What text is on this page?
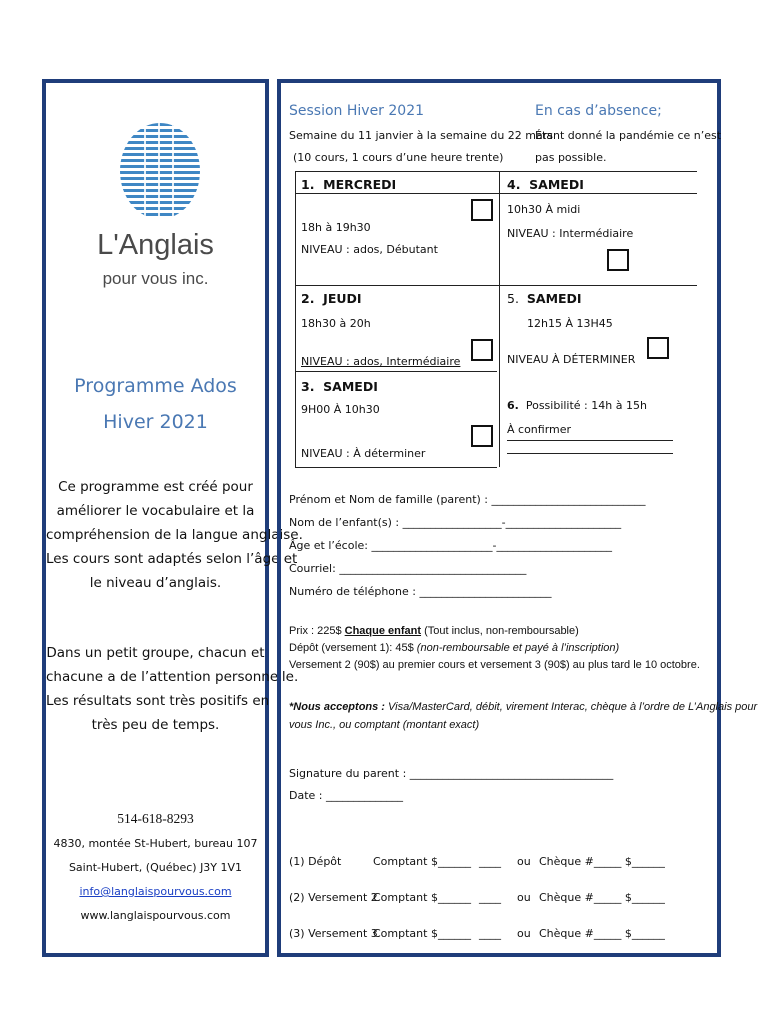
L'Anglais
pour vous inc.
Programme Ados
Hiver 2021
Ce programme est créé pour
améliorer le vocabulaire et la
compréhension de la langue anglaise.
Les cours sont adaptés selon l’âge et
le niveau d’anglais.
Dans un petit groupe, chacun et
chacune a de l’attention personnelle.
Les résultats sont très positifs en
très peu de temps.
514-618-8293
4830, montée St-Hubert, bureau 107
Saint-Hubert, (Québec) J3Y 1V1
info@langlaispourvous.com
www.langlaispourvous.com
Session Hiver 2021
Semaine du 11 janvier à la semaine du 22 mars
(10 cours, 1 cours d’une heure trente)
En cas d’absence;
Étant donné la pandémie ce n’est
pas possible.
1. MERCREDI
18h à 19h30
NIVEAU : ados, Débutant
4. SAMEDI
10h30 À midi
NIVEAU : Intermédiaire
2. JEUDI
18h30 à 20h
NIVEAU : ados, Intermédiaire
5. SAMEDI
12h15 À 13H45
NIVEAU À DÉTERMINER
3. SAMEDI
9H00 À 10h30
NIVEAU : À déterminer
6. Possibilité : 14h à 15h
À confirmer
Prénom et Nom de famille (parent) : ____________________________
Nom de l’enfant(s) : __________________-_____________________
Âge et l’école: ______________________-_____________________
Courriel: __________________________________
Numéro de téléphone : ________________________
Prix : 225$ Chaque enfant (Tout inclus, non-remboursable)
Dépôt (versement 1): 45$ (non-remboursable et payé à l’inscription)
Versement 2 (90$) au premier cours et versement 3 (90$) au plus tard le 10 octobre.
*Nous acceptons : Visa/MasterCard, débit, virement Interac, chèque à l’ordre de L’Anglais pour
vous Inc., ou comptant (montant exact)
Signature du parent : _____________________________________
Date : ______________
(1) Dépôt	Comptant $______ ____ ou Chèque #_____ $______
(2) Versement 2
Comptant $______ ____ ou Chèque #_____ $______
(3) Versement 3
Comptant $______ ____ ou Chèque #_____ $______
